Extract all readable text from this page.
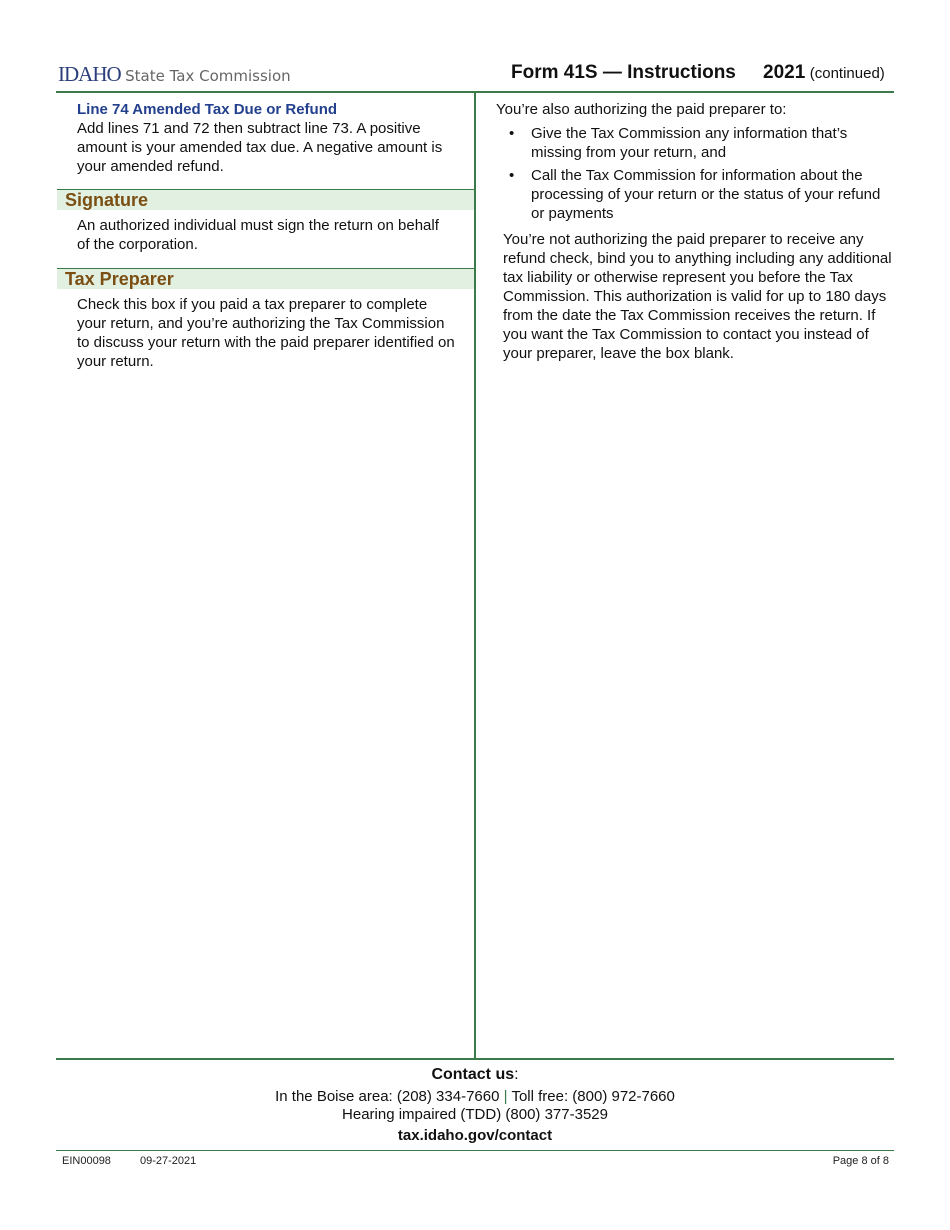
IDAHO State Tax Commission	Form 41S — Instructions 2021 (continued)
Line 74 Amended Tax Due or Refund
Add lines 71 and 72 then subtract line 73. A positive amount is your amended tax due. A negative amount is your amended refund.
Signature
An authorized individual must sign the return on behalf of the corporation.
Tax Preparer
Check this box if you paid a tax preparer to complete your return, and you’re authorizing the Tax Commission to discuss your return with the paid preparer identified on your return.
You’re also authorizing the paid preparer to:
• Give the Tax Commission any information that’s missing from your return, and
• Call the Tax Commission for information about the processing of your return or the status of your refund or payments
You’re not authorizing the paid preparer to receive any refund check, bind you to anything including any additional tax liability or otherwise represent you before the Tax Commission. This authorization is valid for up to 180 days from the date the Tax Commission receives the return. If you want the Tax Commission to contact you instead of your preparer, leave the box blank.
Contact us:
In the Boise area: (208) 334-7660 | Toll free: (800) 972-7660
Hearing impaired (TDD) (800) 377-3529
tax.idaho.gov/contact
EIN00098	09-27-2021	Page 8 of 8
